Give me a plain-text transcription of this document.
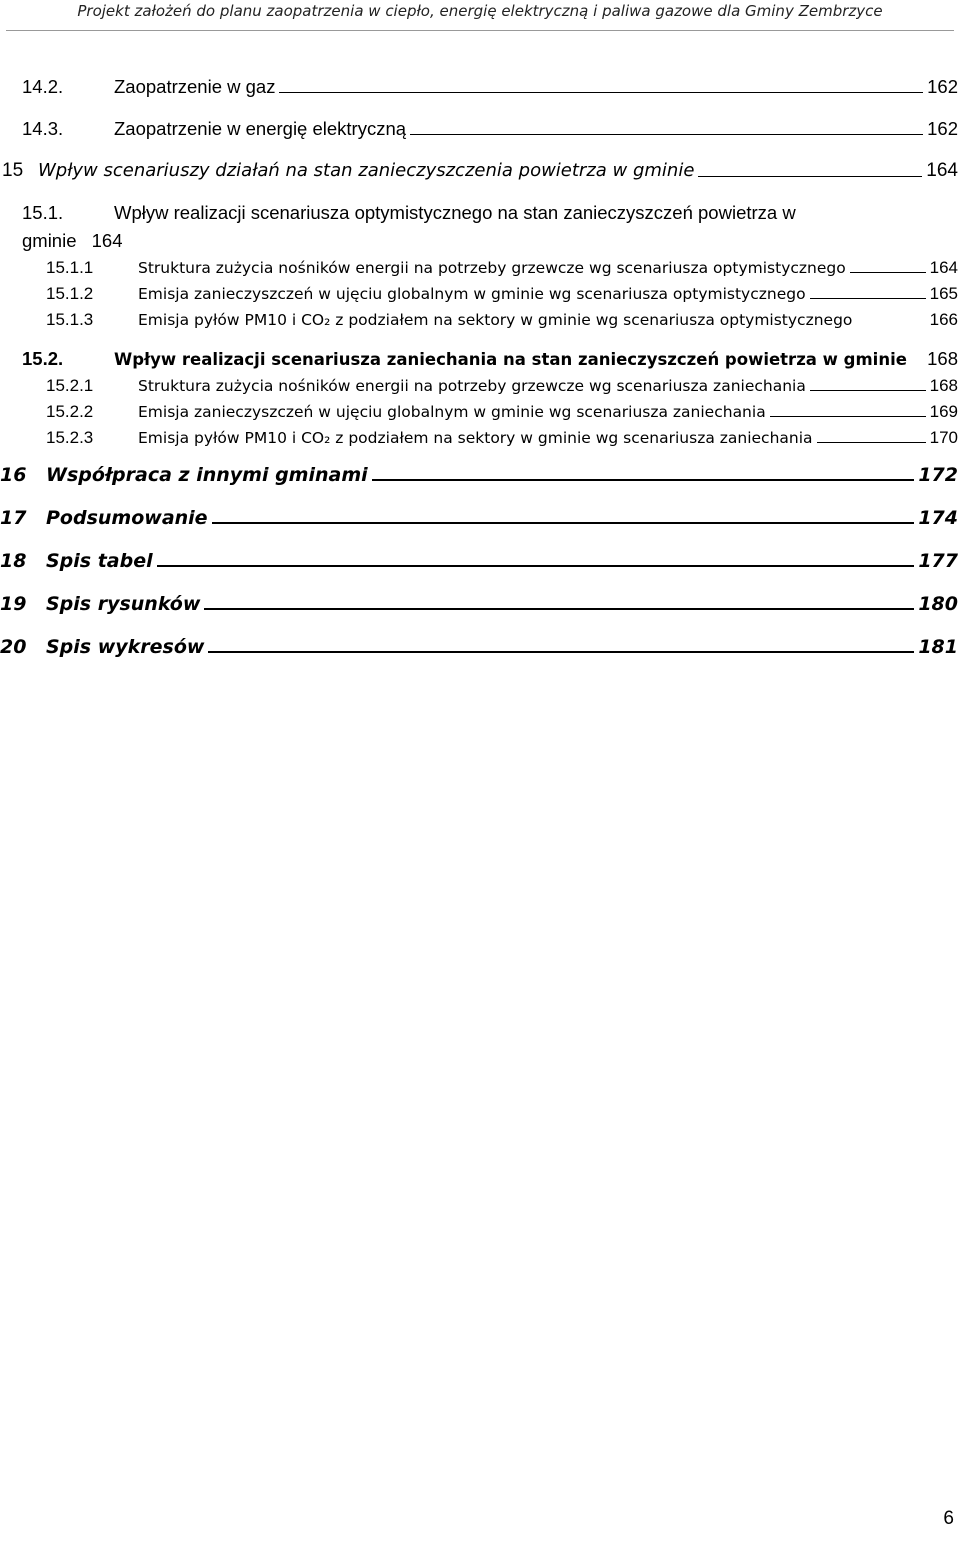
Projekt założeń do planu zaopatrzenia w ciepło, energię elektryczną i paliwa gazowe dla Gminy Zembrzyce
14.2.	Zaopatrzenie w gaz	162
14.3.	Zaopatrzenie w energię elektryczną	162
15 Wpływ scenariuszy działań na stan zanieczyszczenia powietrza w gminie	164
15.1.	Wpływ realizacji scenariusza optymistycznego na stan zanieczyszczeń powietrza w
gminie 164
15.1.1	Struktura zużycia nośników energii na potrzeby grzewcze wg scenariusza optymistycznego	164
15.1.2	Emisja zanieczyszczeń w ujęciu globalnym w gminie wg scenariusza optymistycznego	165
15.1.3	Emisja pyłów PM10 i CO₂ z podziałem na sektory w gminie wg scenariusza optymistycznego	166
15.2.	Wpływ realizacji scenariusza zaniechania na stan zanieczyszczeń powietrza w gminie 168
15.2.1	Struktura zużycia nośników energii na potrzeby grzewcze wg scenariusza zaniechania	168
15.2.2	Emisja zanieczyszczeń w ujęciu globalnym w gminie wg scenariusza zaniechania	169
15.2.3	Emisja pyłów PM10 i CO₂ z podziałem na sektory w gminie wg scenariusza zaniechania	170
16	Współpraca z innymi gminami	172
17	Podsumowanie	174
18	Spis tabel	177
19	Spis rysunków	180
20	Spis wykresów	181
6
